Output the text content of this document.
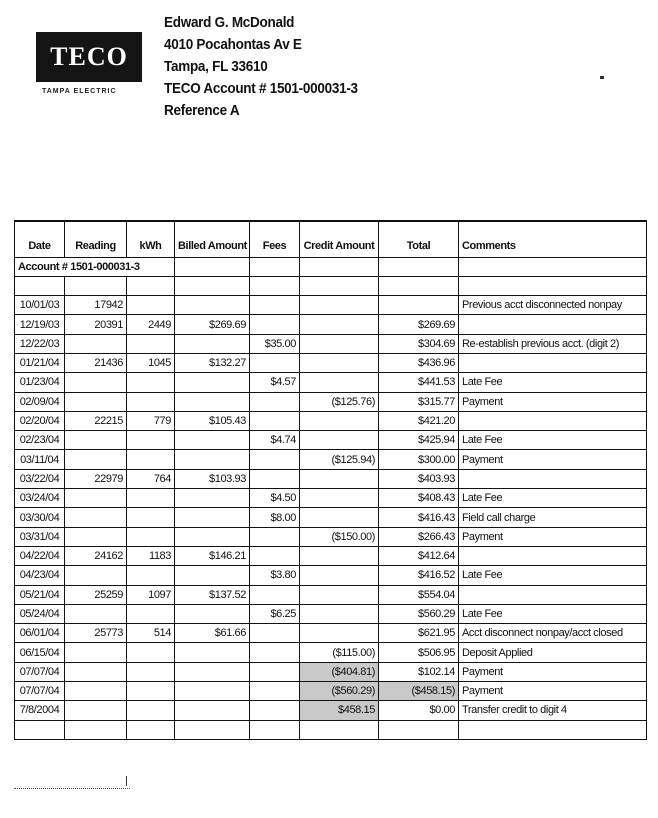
TECO
TAMPA ELECTRIC
Edward G. McDonald
4010 Pocahontas Av E
Tampa, FL 33610
TECO Account # 1501-000031-3
Reference A
Date	Reading	kWh	Billed Amount	Fees	Credit Amount	Total	Comments
Account # 1501-000031-3							

10/01/03	17942						Previous acct disconnected nonpay
12/19/03	20391	2449	$269.69			$269.69	
12/22/03				$35.00		$304.69	Re-establish previous acct. (digit 2)
01/21/04	21436	1045	$132.27			$436.96	
01/23/04				$4.57		$441.53	Late Fee
02/09/04					($125.76)	$315.77	Payment
02/20/04	22215	779	$105.43			$421.20	
02/23/04				$4.74		$425.94	Late Fee
03/11/04					($125.94)	$300.00	Payment
03/22/04	22979	764	$103.93			$403.93	
03/24/04				$4.50		$408.43	Late Fee
03/30/04				$8.00		$416.43	Field call charge
03/31/04					($150.00)	$266.43	Payment
04/22/04	24162	1183	$146.21			$412.64	
04/23/04				$3.80		$416.52	Late Fee
05/21/04	25259	1097	$137.52			$554.04	
05/24/04				$6.25		$560.29	Late Fee
06/01/04	25773	514	$61.66			$621.95	Acct disconnect nonpay/acct closed
06/15/04					($115.00)	$506.95	Deposit Applied
07/07/04					($404.81)	$102.14	Payment
07/07/04					($560.29)	($458.15)	Payment
7/8/2004					$458.15	$0.00	Transfer credit to digit 4
